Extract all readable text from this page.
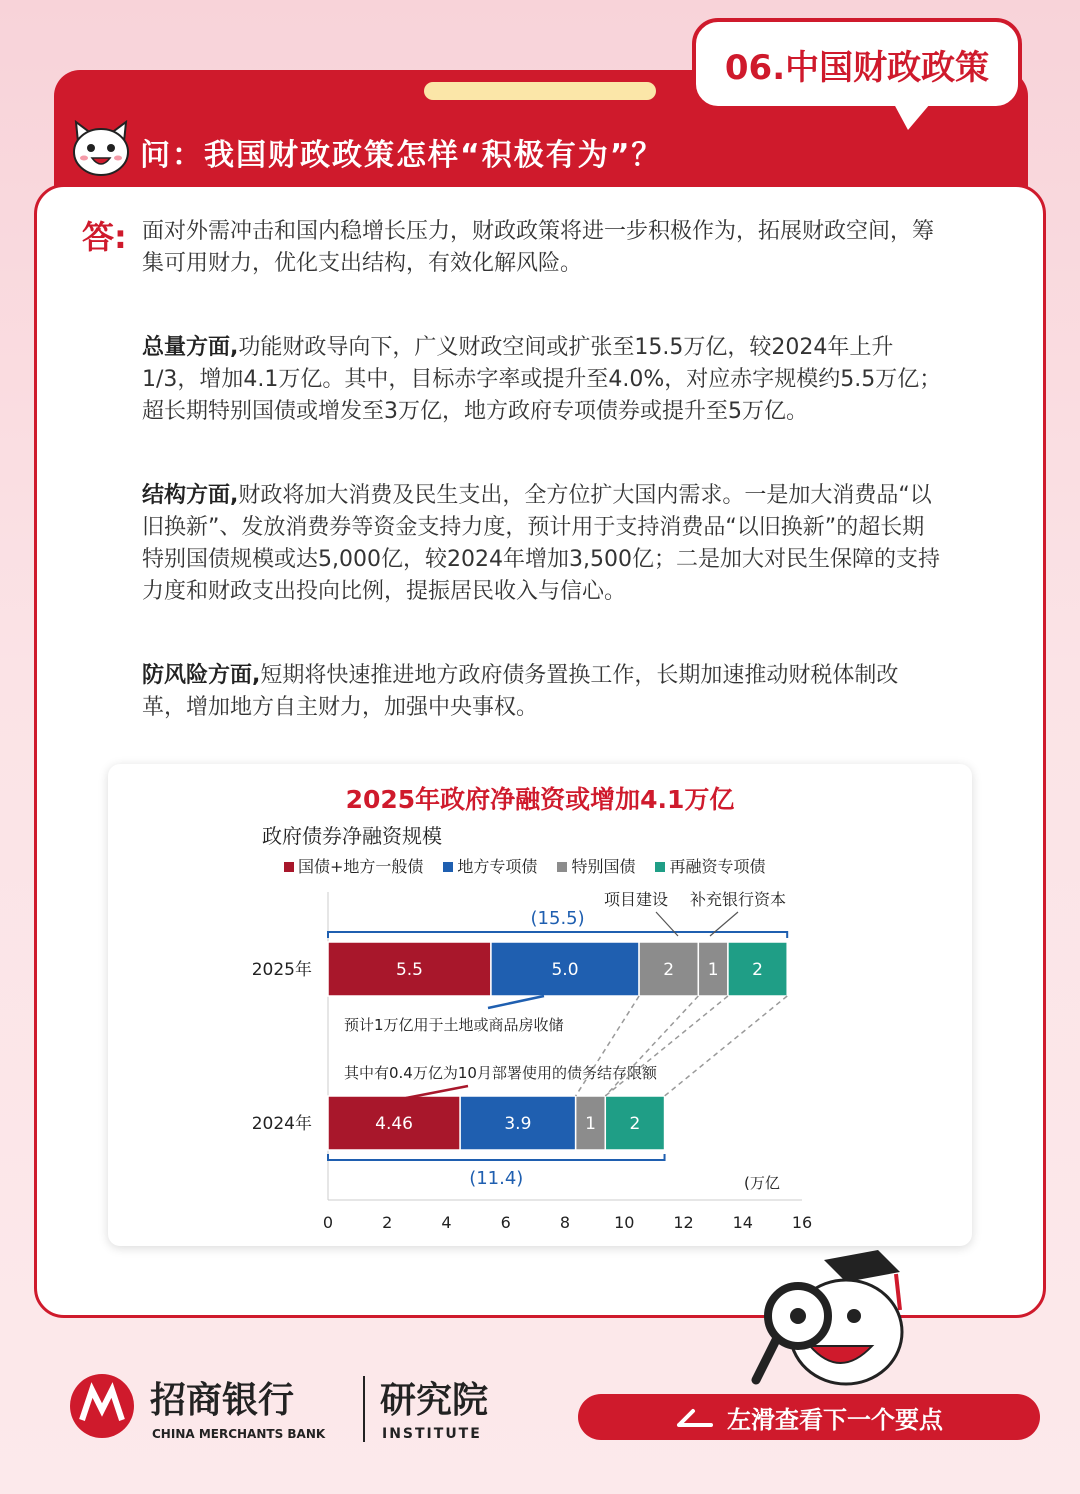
06.中国财政政策
问：我国财政政策怎样“积极有为”？
答: 面对外需冲击和国内稳增长压力，财政政策将进一步积极作为，拓展财政空间，筹集可用财力，优化支出结构，有效化解风险。
总量方面,功能财政导向下，广义财政空间或扩张至15.5万亿，较2024年上升1/3，增加4.1万亿。其中，目标赤字率或提升至4.0%，对应赤字规模约5.5万亿；超长期特别国债或增发至3万亿，地方政府专项债券或提升至5万亿。
结构方面,财政将加大消费及民生支出，全方位扩大国内需求。一是加大消费品“以旧换新”、发放消费券等资金支持力度，预计用于支持消费品“以旧换新”的超长期特别国债规模或达5,000亿，较2024年增加3,500亿；二是加大对民生保障的支持力度和财政支出投向比例，提振居民收入与信心。
防风险方面,短期将快速推进地方政府债务置换工作，长期加速推动财税体制改革，增加地方自主财力，加强中央事权。
2025年政府净融资或增加4.1万亿
政府债券净融资规模
国债+地方一般债	地方专项债	特别国债	再融资专项债
0	2	4	6	8	10 12 14 16
(万亿
2025年	5.5	5.0	2 1 2
(15.5)
2024年	4.46	3.9	1 2
(11.4)
项目建设 补充银行资本
预计1万亿用于土地或商品房收储
其中有0.4万亿为10月部署使用的债务结存限额
招商银行
CHINA MERCHANTS BANK
研究院
INSTITUTE
左滑查看下一个要点
